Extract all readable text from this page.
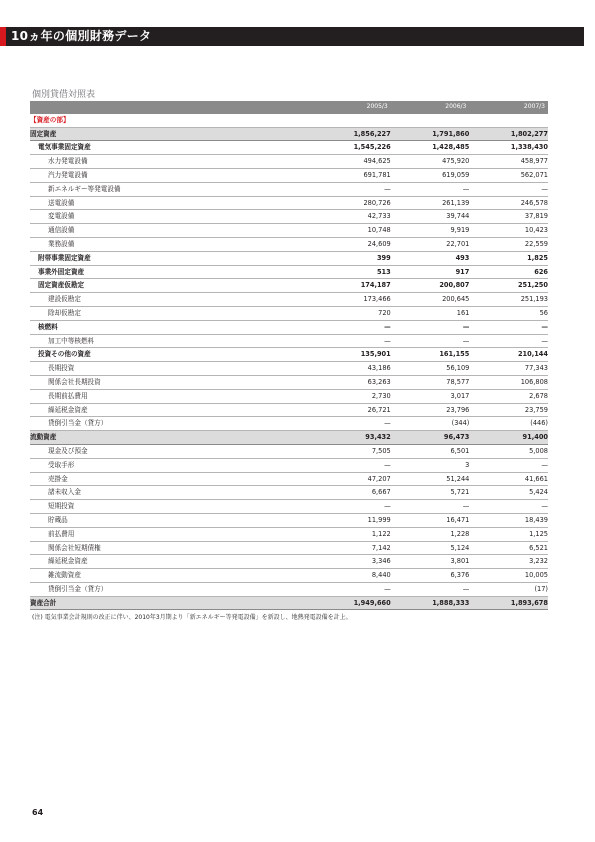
10ヵ年の個別財務データ
個別貸借対照表
	2005/3	2006/3	2007/3
【資産の部】			
固定資産	1,856,227	1,791,860	1,802,277
電気事業固定資産	1,545,226	1,428,485	1,338,430
水力発電設備	494,625	475,920	458,977
汽力発電設備	691,781	619,059	562,071
新エネルギー等発電設備	—	—	—
送電設備	280,726	261,139	246,578
変電設備	42,733	39,744	37,819
通信設備	10,748	9,919	10,423
業務設備	24,609	22,701	22,559
附帯事業固定資産	399	493	1,825
事業外固定資産	513	917	626
固定資産仮勘定	174,187	200,807	251,250
建設仮勘定	173,466	200,645	251,193
除却仮勘定	720	161	56
核燃料	—	—	—
加工中等核燃料	—	—	—
投資その他の資産	135,901	161,155	210,144
長期投資	43,186	56,109	77,343
関係会社長期投資	63,263	78,577	106,808
長期前払費用	2,730	3,017	2,678
繰延税金資産	26,721	23,796	23,759
貸倒引当金（貸方）	—	(344)	(446)
流動資産	93,432	96,473	91,400
現金及び預金	7,505	6,501	5,008
受取手形	—	3	—
売掛金	47,207	51,244	41,661
諸未収入金	6,667	5,721	5,424
短期投資	—	—	—
貯蔵品	11,999	16,471	18,439
前払費用	1,122	1,228	1,125
関係会社短期債権	7,142	5,124	6,521
繰延税金資産	3,346	3,801	3,232
雑流動資産	8,440	6,376	10,005
貸倒引当金（貸方）	—	—	(17)
資産合計	1,949,660	1,888,333	1,893,678
(注) 電気事業会計規則の改正に伴い、2010年3月期より「新エネルギー等発電設備」を新設し、地熱発電設備を計上。
64
